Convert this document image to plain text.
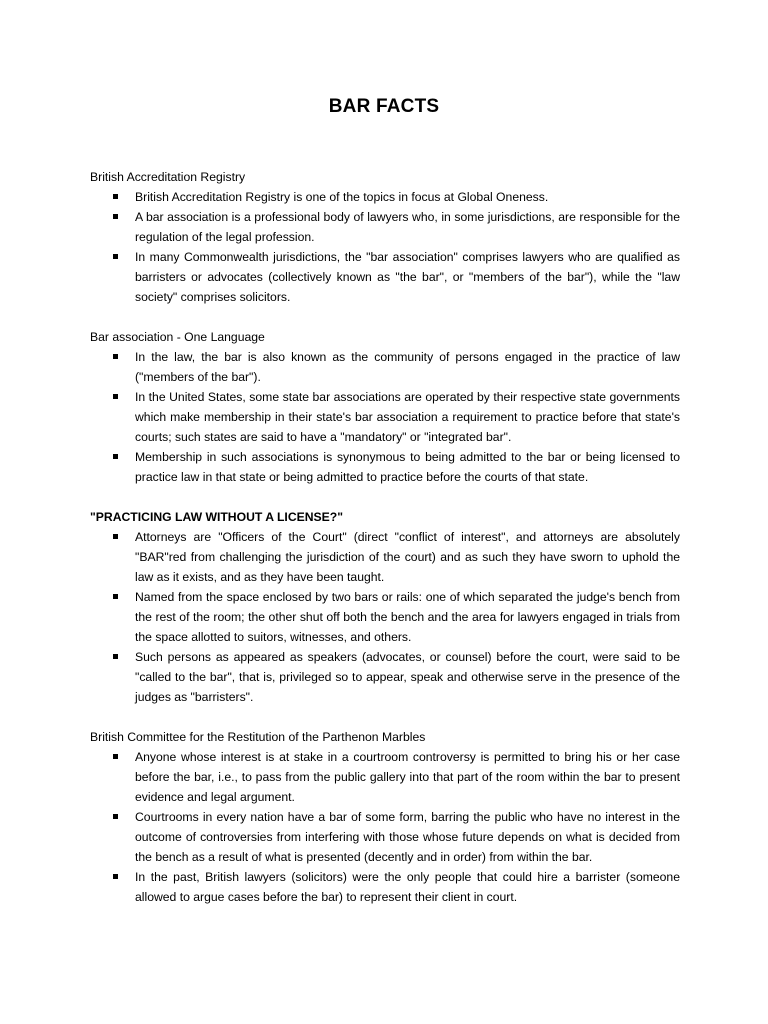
BAR FACTS
British Accreditation Registry
British Accreditation Registry is one of the topics in focus at Global Oneness.
A bar association is a professional body of lawyers who, in some jurisdictions, are responsible for the regulation of the legal profession.
In many Commonwealth jurisdictions, the "bar association" comprises lawyers who are qualified as barristers or advocates (collectively known as "the bar", or "members of the bar"), while the "law society" comprises solicitors.
Bar association - One Language
In the law, the bar is also known as the community of persons engaged in the practice of law ("members of the bar").
In the United States, some state bar associations are operated by their respective state governments which make membership in their state's bar association a requirement to practice before that state's courts; such states are said to have a "mandatory" or "integrated bar".
Membership in such associations is synonymous to being admitted to the bar or being licensed to practice law in that state or being admitted to practice before the courts of that state.
"PRACTICING LAW WITHOUT A LICENSE?"
Attorneys are "Officers of the Court" (direct "conflict of interest", and attorneys are absolutely "BAR"red from challenging the jurisdiction of the court) and as such they have sworn to uphold the law as it exists, and as they have been taught.
Named from the space enclosed by two bars or rails: one of which separated the judge's bench from the rest of the room; the other shut off both the bench and the area for lawyers engaged in trials from the space allotted to suitors, witnesses, and others.
Such persons as appeared as speakers (advocates, or counsel) before the court, were said to be "called to the bar", that is, privileged so to appear, speak and otherwise serve in the presence of the judges as "barristers".
British Committee for the Restitution of the Parthenon Marbles
Anyone whose interest is at stake in a courtroom controversy is permitted to bring his or her case before the bar, i.e., to pass from the public gallery into that part of the room within the bar to present evidence and legal argument.
Courtrooms in every nation have a bar of some form, barring the public who have no interest in the outcome of controversies from interfering with those whose future depends on what is decided from the bench as a result of what is presented (decently and in order) from within the bar.
In the past, British lawyers (solicitors) were the only people that could hire a barrister (someone allowed to argue cases before the bar) to represent their client in court.
